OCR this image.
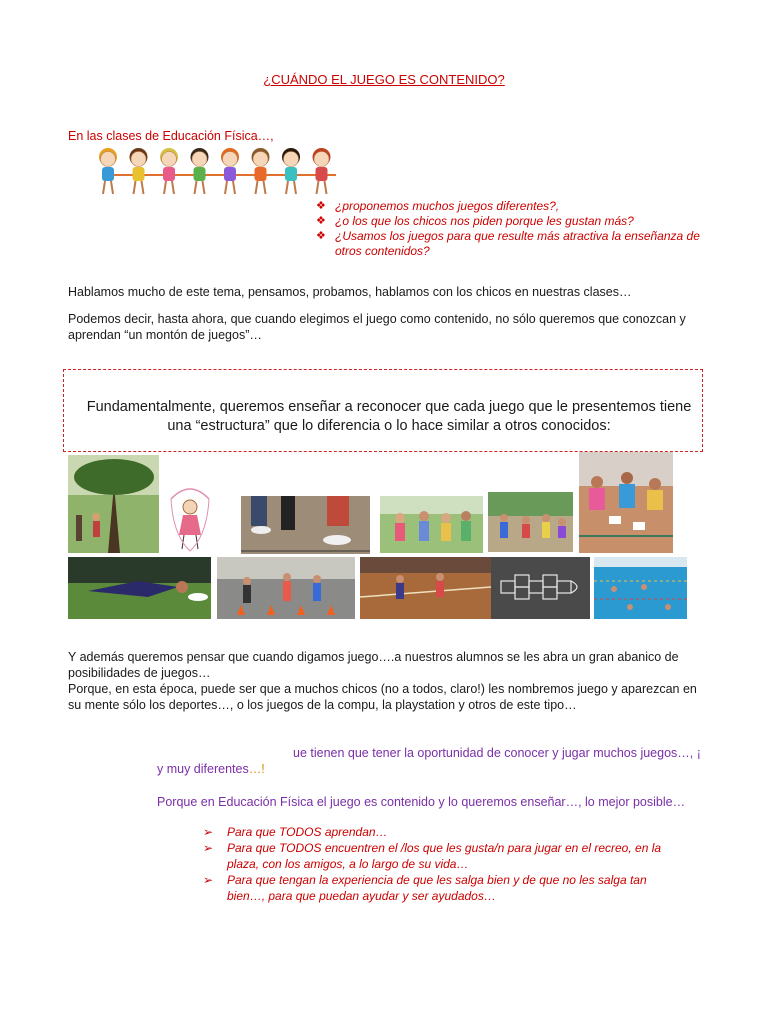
¿CUÁNDO EL JUEGO ES CONTENIDO?
En las clases de Educación Física…,
❖ ¿proponemos muchos juegos diferentes?,
❖ ¿o los que los chicos nos piden porque les gustan más?
❖ ¿Usamos los juegos para que resulte más atractiva la enseñanza de otros contenidos?
Hablamos mucho de este tema, pensamos, probamos, hablamos con los chicos en nuestras clases…
Podemos decir, hasta ahora, que cuando elegimos el juego como contenido, no sólo queremos que conozcan y aprendan “un montón de juegos”…

Fundamentalmente, queremos enseñar a reconocer que cada juego que le presentemos tiene una “estructura” que lo diferencia o lo hace similar a otros conocidos:

Y además queremos pensar que cuando digamos juego….a nuestros alumnos se les abra un gran abanico de posibilidades de juegos…
Porque, en esta época, puede ser que a muchos chicos (no a todos, claro!) les nombremos juego y aparezcan en su mente sólo los deportes…, o los juegos de la compu, la playstation y otros de este tipo…
ue tienen que tener la oportunidad de conocer y jugar muchos juegos…, ¡
y muy diferentes…!
Porque en Educación Física el juego es contenido y lo queremos enseñar…, lo mejor posible…
➢ Para que TODOS aprendan…
➢ Para que TODOS encuentren el /los que les gusta/n para jugar en el recreo, en la plaza, con los amigos, a lo largo de su vida…
➢ Para que tengan la experiencia de que les salga bien y de que no les salga tan bien…, para que puedan ayudar y ser ayudados…
